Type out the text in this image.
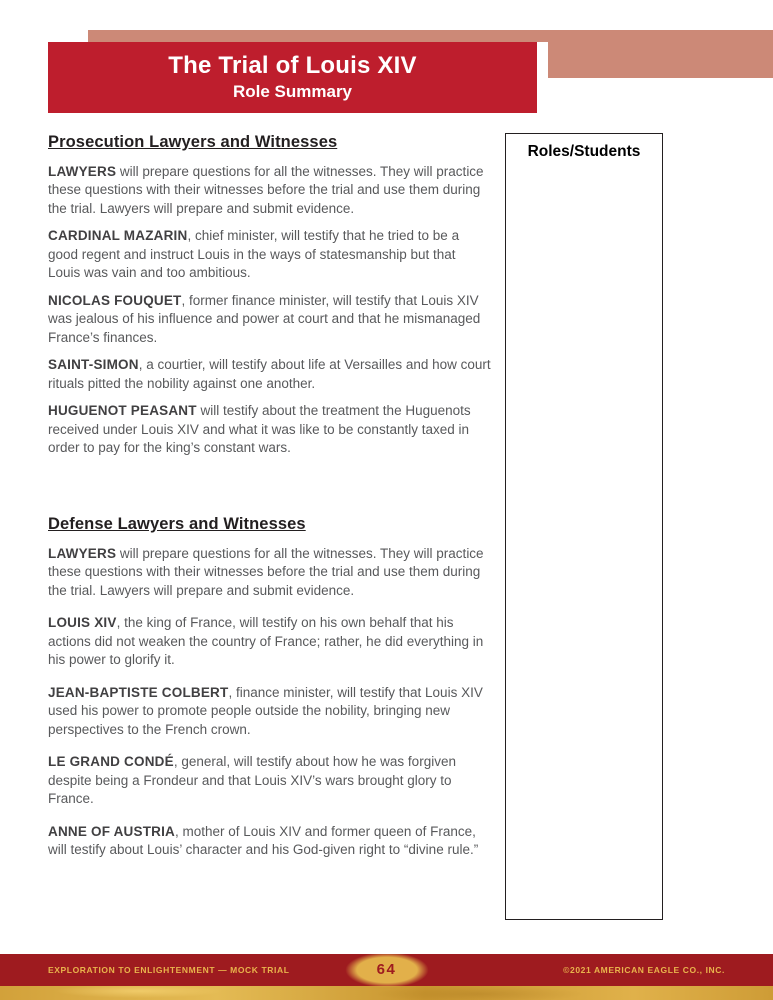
The Trial of Louis XIV
Role Summary
Prosecution Lawyers and Witnesses

LAWYERS will prepare questions for all the witnesses. They will practice these questions with their witnesses before the trial and use them during the trial. Lawyers will prepare and submit evidence.

CARDINAL MAZARIN, chief minister, will testify that he tried to be a good regent and instruct Louis in the ways of statesmanship but that Louis was vain and too ambitious.

NICOLAS FOUQUET, former finance minister, will testify that Louis XIV was jealous of his influence and power at court and that he mismanaged France’s finances.

SAINT-SIMON, a courtier, will testify about life at Versailles and how court rituals pitted the nobility against one another.

HUGUENOT PEASANT will testify about the treatment the Huguenots received under Louis XIV and what it was like to be constantly taxed in order to pay for the king’s constant wars.

Defense Lawyers and Witnesses

LAWYERS will prepare questions for all the witnesses. They will practice these questions with their witnesses before the trial and use them during the trial. Lawyers will prepare and submit evidence.

LOUIS XIV, the king of France, will testify on his own behalf that his actions did not weaken the country of France; rather, he did everything in his power to glorify it.

JEAN-BAPTISTE COLBERT, finance minister, will testify that Louis XIV used his power to promote people outside the nobility, bringing new perspectives to the French crown.

LE GRAND CONDÉ, general, will testify about how he was forgiven despite being a Frondeur and that Louis XIV’s wars brought glory to France.

ANNE OF AUSTRIA, mother of Louis XIV and former queen of France, will testify about Louis’ character and his God-given right to “divine rule.”

Roles/Students
EXPLORATION TO ENLIGHTENMENT — MOCK TRIAL	©2021 AMERICAN EAGLE CO., INC.
64
